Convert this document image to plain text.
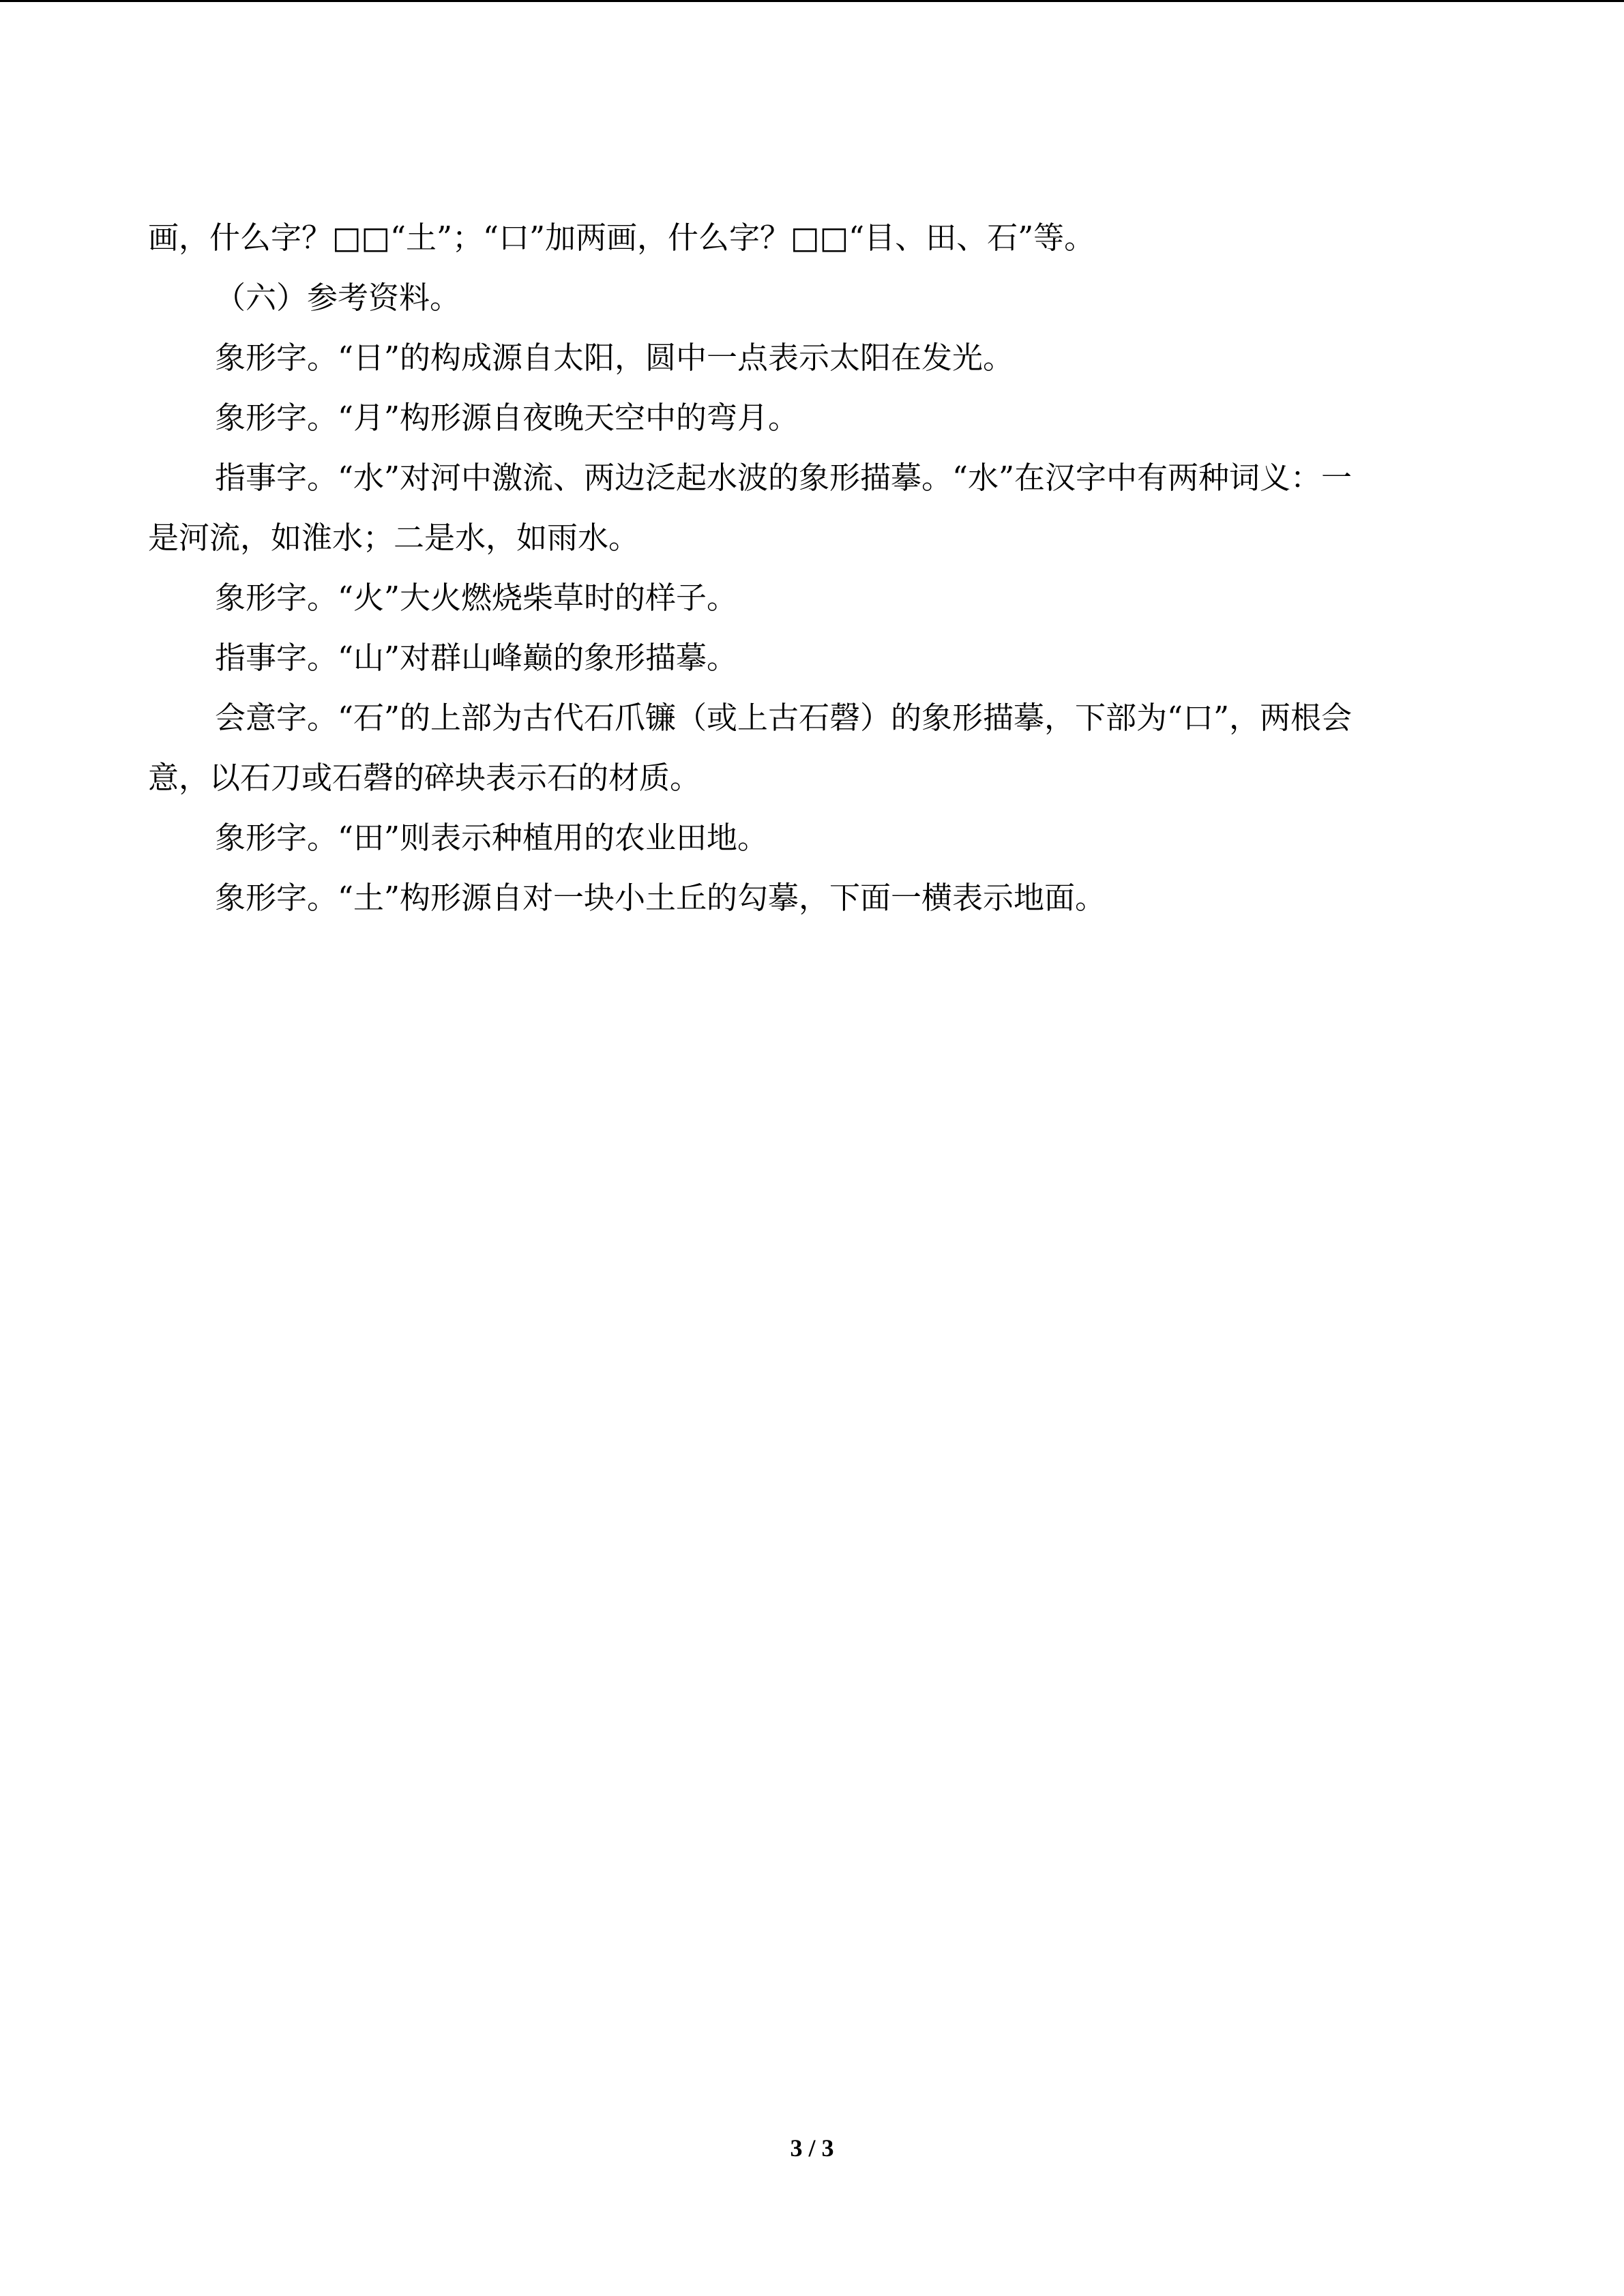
画，什么字？□□“土”；“口”加两画，什么字？□□“目、田、石”等。

（六）参考资料。

象形字。“日”的构成源自太阳，圆中一点表示太阳在发光。

象形字。“月”构形源自夜晚天空中的弯月。

指事字。“水”对河中激流、两边泛起水波的象形描摹。“水”在汉字中有两种词义：一

是河流，如淮水；二是水，如雨水。

象形字。“火”大火燃烧柴草时的样子。

指事字。“山”对群山峰巅的象形描摹。

会意字。“石”的上部为古代石爪镰（或上古石磬）的象形描摹，下部为“口”，两根会

意，以石刀或石磬的碎块表示石的材质。

象形字。“田”则表示种植用的农业田地。

象形字。“土”构形源自对一块小土丘的勾摹，下面一横表示地面。

3 / 3
